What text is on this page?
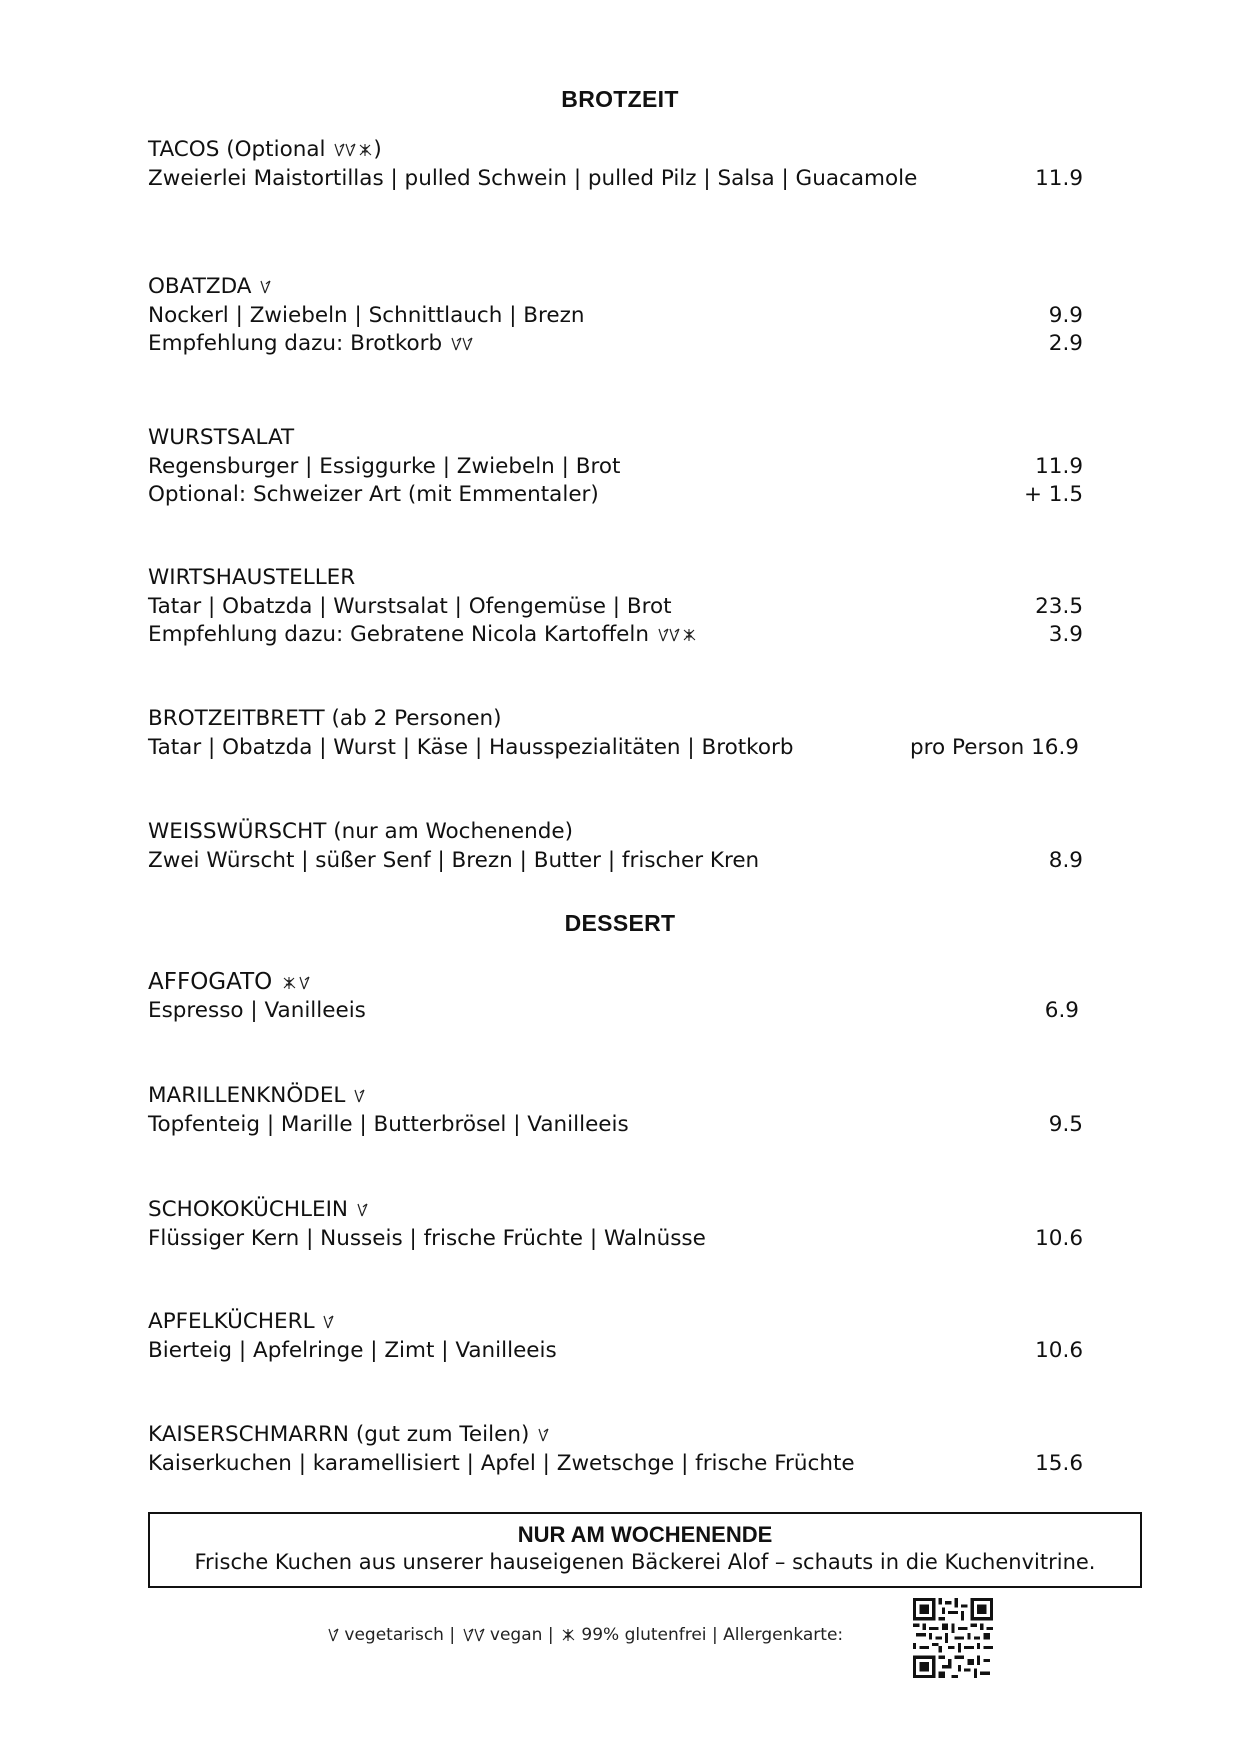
BROTZEIT
TACOS (Optional )
Zweierlei Maistortillas | pulled Schwein | pulled Pilz | Salsa | Guacamole	11.9
OBATZDA
Nockerl | Zwiebeln | Schnittlauch | Brezn	9.9
Empfehlung dazu: Brotkorb	2.9
WURSTSALAT
Regensburger | Essiggurke | Zwiebeln | Brot	11.9
Optional: Schweizer Art (mit Emmentaler)	+ 1.5
WIRTSHAUSTELLER
Tatar | Obatzda | Wurstsalat | Ofengemüse | Brot	23.5
Empfehlung dazu: Gebratene Nicola Kartoffeln	3.9
BROTZEITBRETT (ab 2 Personen)
Tatar | Obatzda | Wurst | Käse | Hausspezialitäten | Brotkorb	pro Person 16.9
WEISSWÜRSCHT (nur am Wochenende)
Zwei Würscht | süßer Senf | Brezn | Butter | frischer Kren	8.9
DESSERT
AFFOGATO
Espresso | Vanilleeis	6.9
MARILLENKNÖDEL
Topfenteig | Marille | Butterbrösel | Vanilleeis	9.5
SCHOKOKÜCHLEIN
Flüssiger Kern | Nusseis | frische Früchte | Walnüsse	10.6
APFELKÜCHERL
Bierteig | Apfelringe | Zimt | Vanilleeis	10.6
KAISERSCHMARRN (gut zum Teilen)
Kaiserkuchen | karamellisiert | Apfel | Zwetschge | frische Früchte	15.6
NUR AM WOCHENENDE
Frische Kuchen aus unserer hauseigenen Bäckerei Alof – schauts in die Kuchenvitrine.
vegetarisch | vegan | 99% glutenfrei | Allergenkarte:
